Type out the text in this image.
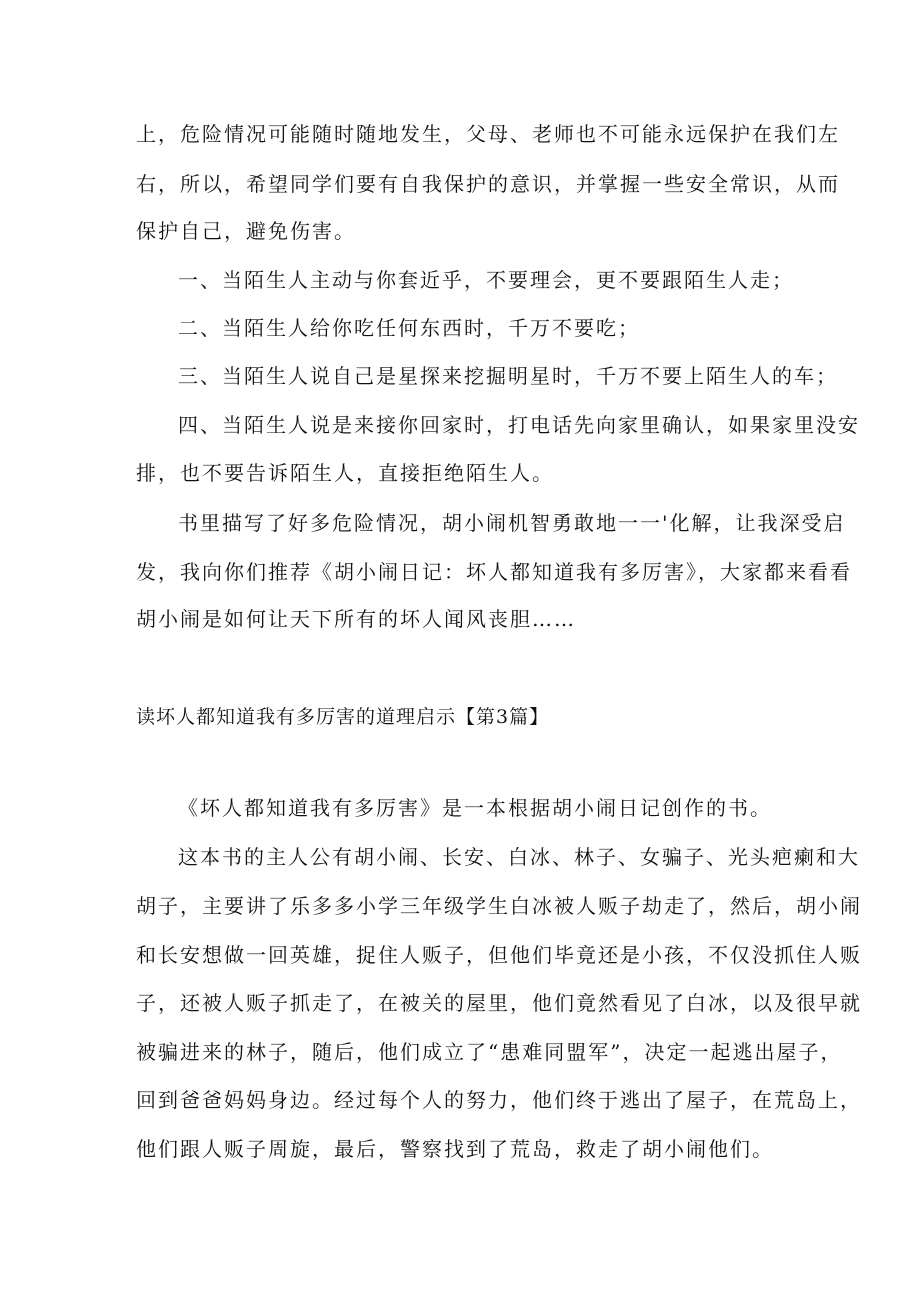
上，危险情况可能随时随地发生，父母、老师也不可能永远保护在我们左
右，所以，希望同学们要有自我保护的意识，并掌握一些安全常识，从而
保护自己，避免伤害。
一、当陌生人主动与你套近乎，不要理会，更不要跟陌生人走；
二、当陌生人给你吃任何东西时，千万不要吃；
三、当陌生人说自己是星探来挖掘明星时，千万不要上陌生人的车；
四、当陌生人说是来接你回家时，打电话先向家里确认，如果家里没安
排，也不要告诉陌生人，直接拒绝陌生人。
书里描写了好多危险情况，胡小闹机智勇敢地一一'化解，让我深受启
发，我向你们推荐《胡小闹日记：坏人都知道我有多厉害》，大家都来看看
胡小闹是如何让天下所有的坏人闻风丧胆……
读坏人都知道我有多厉害的道理启示【第3篇】
《坏人都知道我有多厉害》是一本根据胡小闹日记创作的书。
这本书的主人公有胡小闹、长安、白冰、林子、女骗子、光头疤瘌和大
胡子，主要讲了乐多多小学三年级学生白冰被人贩子劫走了，然后，胡小闹
和长安想做一回英雄，捉住人贩子，但他们毕竟还是小孩，不仅没抓住人贩
子，还被人贩子抓走了，在被关的屋里，他们竟然看见了白冰，以及很早就
被骗进来的林子，随后，他们成立了“患难同盟军”，决定一起逃出屋子，
回到爸爸妈妈身边。经过每个人的努力，他们终于逃出了屋子，在荒岛上，
他们跟人贩子周旋，最后，警察找到了荒岛，救走了胡小闹他们。
